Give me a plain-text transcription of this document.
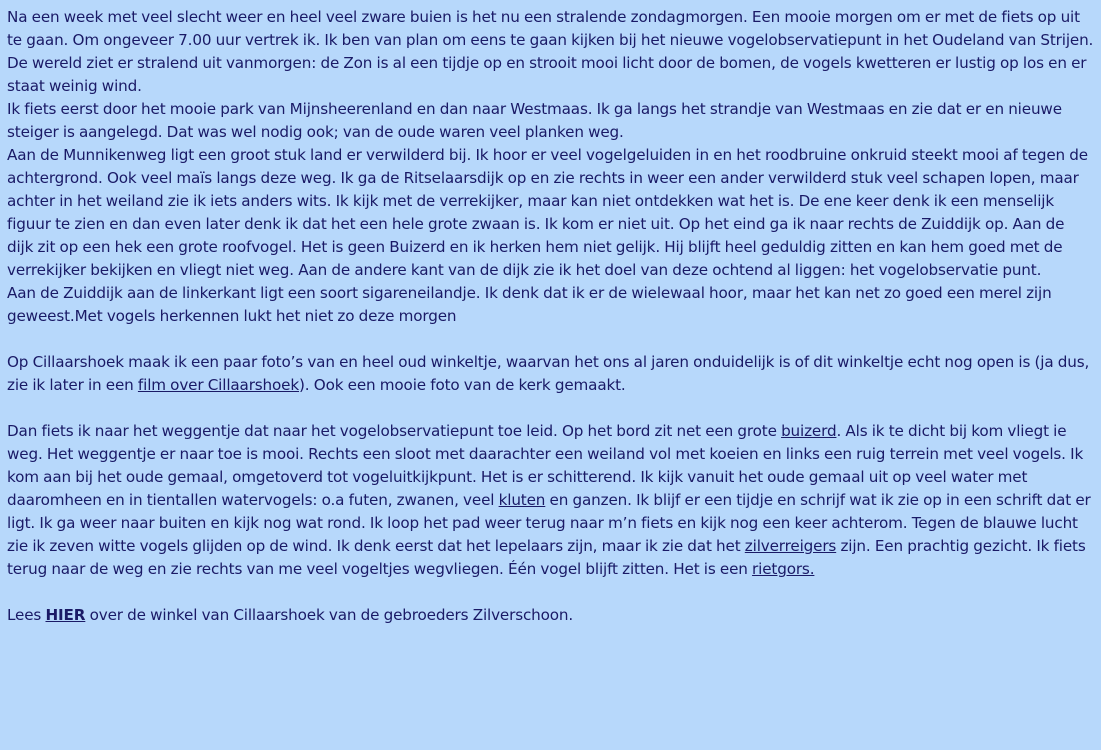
Na een week met veel slecht weer en heel veel zware buien is het nu een stralende zondagmorgen. Een mooie morgen om er met de fiets op uit te gaan. Om ongeveer 7.00 uur vertrek ik. Ik ben van plan om eens te gaan kijken bij het nieuwe vogelobservatiepunt in het Oudeland van Strijen.

De wereld ziet er stralend uit vanmorgen: de Zon is al een tijdje op en strooit mooi licht door de bomen, de vogels kwetteren er lustig op los en er staat weinig wind.

Ik fiets eerst door het mooie park van Mijnsheerenland en dan naar Westmaas. Ik ga langs het strandje van Westmaas en zie dat er en nieuwe steiger is aangelegd. Dat was wel nodig ook; van de oude waren veel planken weg.

Aan de Munnikenweg ligt een groot stuk land er verwilderd bij. Ik hoor er veel vogelgeluiden in en het roodbruine onkruid steekt mooi af tegen de achtergrond. Ook veel maïs langs deze weg. Ik ga de Ritselaarsdijk op en zie rechts in weer een ander verwilderd stuk veel schapen lopen, maar achter in het weiland zie ik iets anders wits. Ik kijk met de verrekijker, maar kan niet ontdekken wat het is. De ene keer denk ik een menselijk figuur te zien en dan even later denk ik dat het een hele grote zwaan is. Ik kom er niet uit. Op het eind ga ik naar rechts de Zuiddijk op. Aan de dijk zit op een hek een grote roofvogel. Het is geen Buizerd en ik herken hem niet gelijk. Hij blijft heel geduldig zitten en kan hem goed met de verrekijker bekijken en vliegt niet weg. Aan de andere kant van de dijk zie ik het doel van deze ochtend al liggen: het vogelobservatie punt.

Aan de Zuiddijk aan de linkerkant ligt een soort sigareneilandje. Ik denk dat ik er de wielewaal hoor, maar het kan net zo goed een merel zijn geweest.Met vogels herkennen lukt het niet zo deze morgen

Op Cillaarshoek maak ik een paar foto’s van en heel oud winkeltje, waarvan het ons al jaren onduidelijk is of dit winkeltje echt nog open is (ja dus, zie ik later in een film over Cillaarshoek). Ook een mooie foto van de kerk gemaakt.

Dan fiets ik naar het weggentje dat naar het vogelobservatiepunt toe leid. Op het bord zit net een grote buizerd. Als ik te dicht bij kom vliegt ie weg. Het weggentje er naar toe is mooi. Rechts een sloot met daarachter een weiland vol met koeien en links een ruig terrein met veel vogels. Ik kom aan bij het oude gemaal, omgetoverd tot vogeluitkijkpunt. Het is er schitterend. Ik kijk vanuit het oude gemaal uit op veel water met daaromheen en in tientallen watervogels: o.a futen, zwanen, veel kluten en ganzen. Ik blijf er een tijdje en schrijf wat ik zie op in een schrift dat er ligt. Ik ga weer naar buiten en kijk nog wat rond. Ik loop het pad weer terug naar m’n fiets en kijk nog een keer achterom. Tegen de blauwe lucht zie ik zeven witte vogels glijden op de wind. Ik denk eerst dat het lepelaars zijn, maar ik zie dat het zilverreigers zijn. Een prachtig gezicht. Ik fiets terug naar de weg en zie rechts van me veel vogeltjes wegvliegen. Één vogel blijft zitten. Het is een rietgors.

Lees HIER over de winkel van Cillaarshoek van de gebroeders Zilverschoon.
